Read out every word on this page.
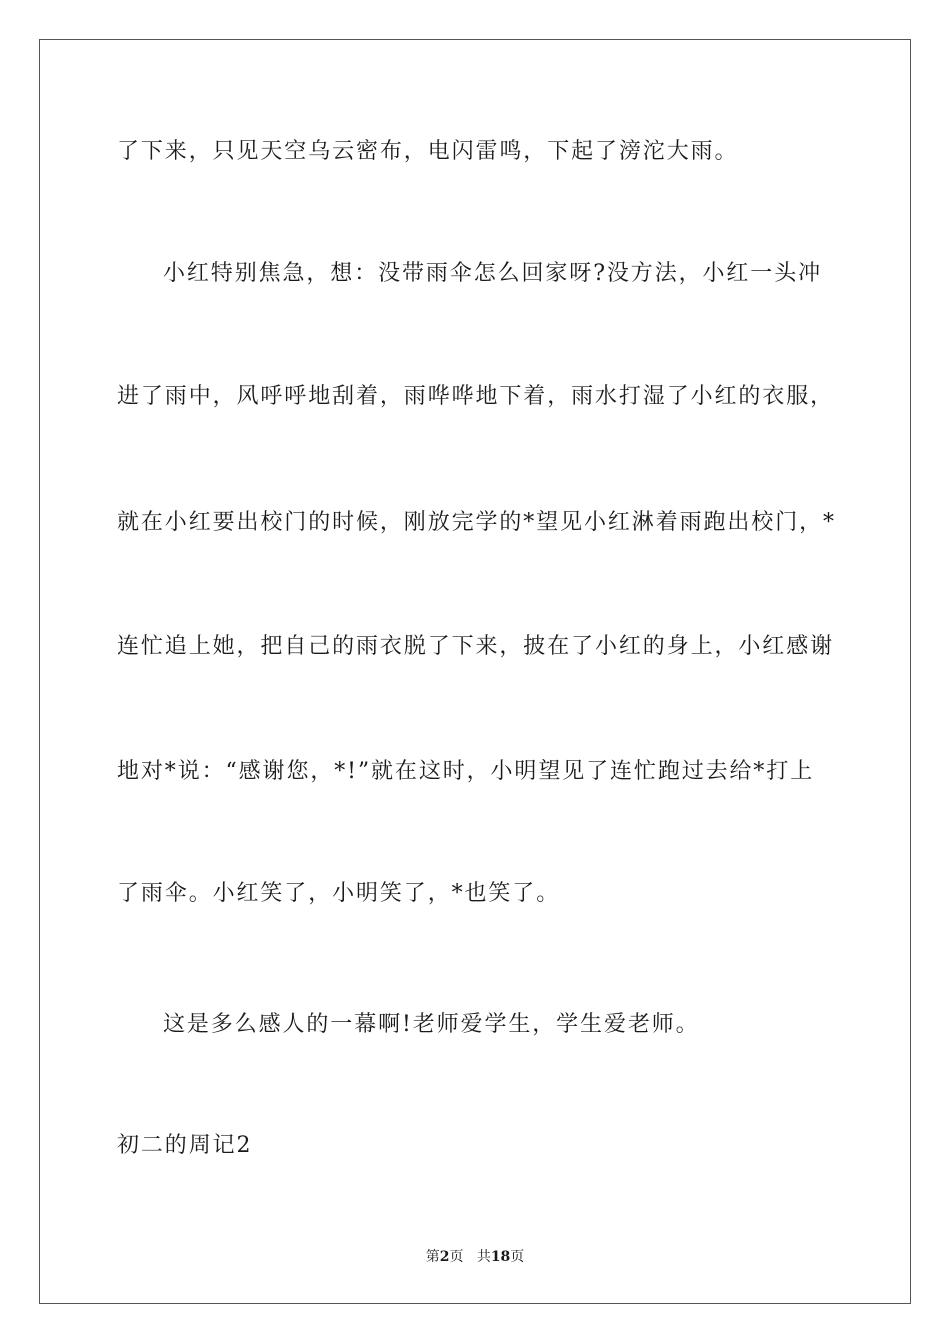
了下来，只见天空乌云密布，电闪雷鸣，下起了滂沱大雨。
小红特别焦急，想：没带雨伞怎么回家呀?没方法，小红一头冲
进了雨中，风呼呼地刮着，雨哗哗地下着，雨水打湿了小红的衣服，
就在小红要出校门的时候，刚放完学的*望见小红淋着雨跑出校门，*
连忙追上她，把自己的雨衣脱了下来，披在了小红的身上，小红感谢
地对*说：“感谢您，*!”就在这时，小明望见了连忙跑过去给*打上
了雨伞。小红笑了，小明笑了，*也笑了。
这是多么感人的一幕啊!老师爱学生，学生爱老师。
初二的周记2
第2页 共18页
